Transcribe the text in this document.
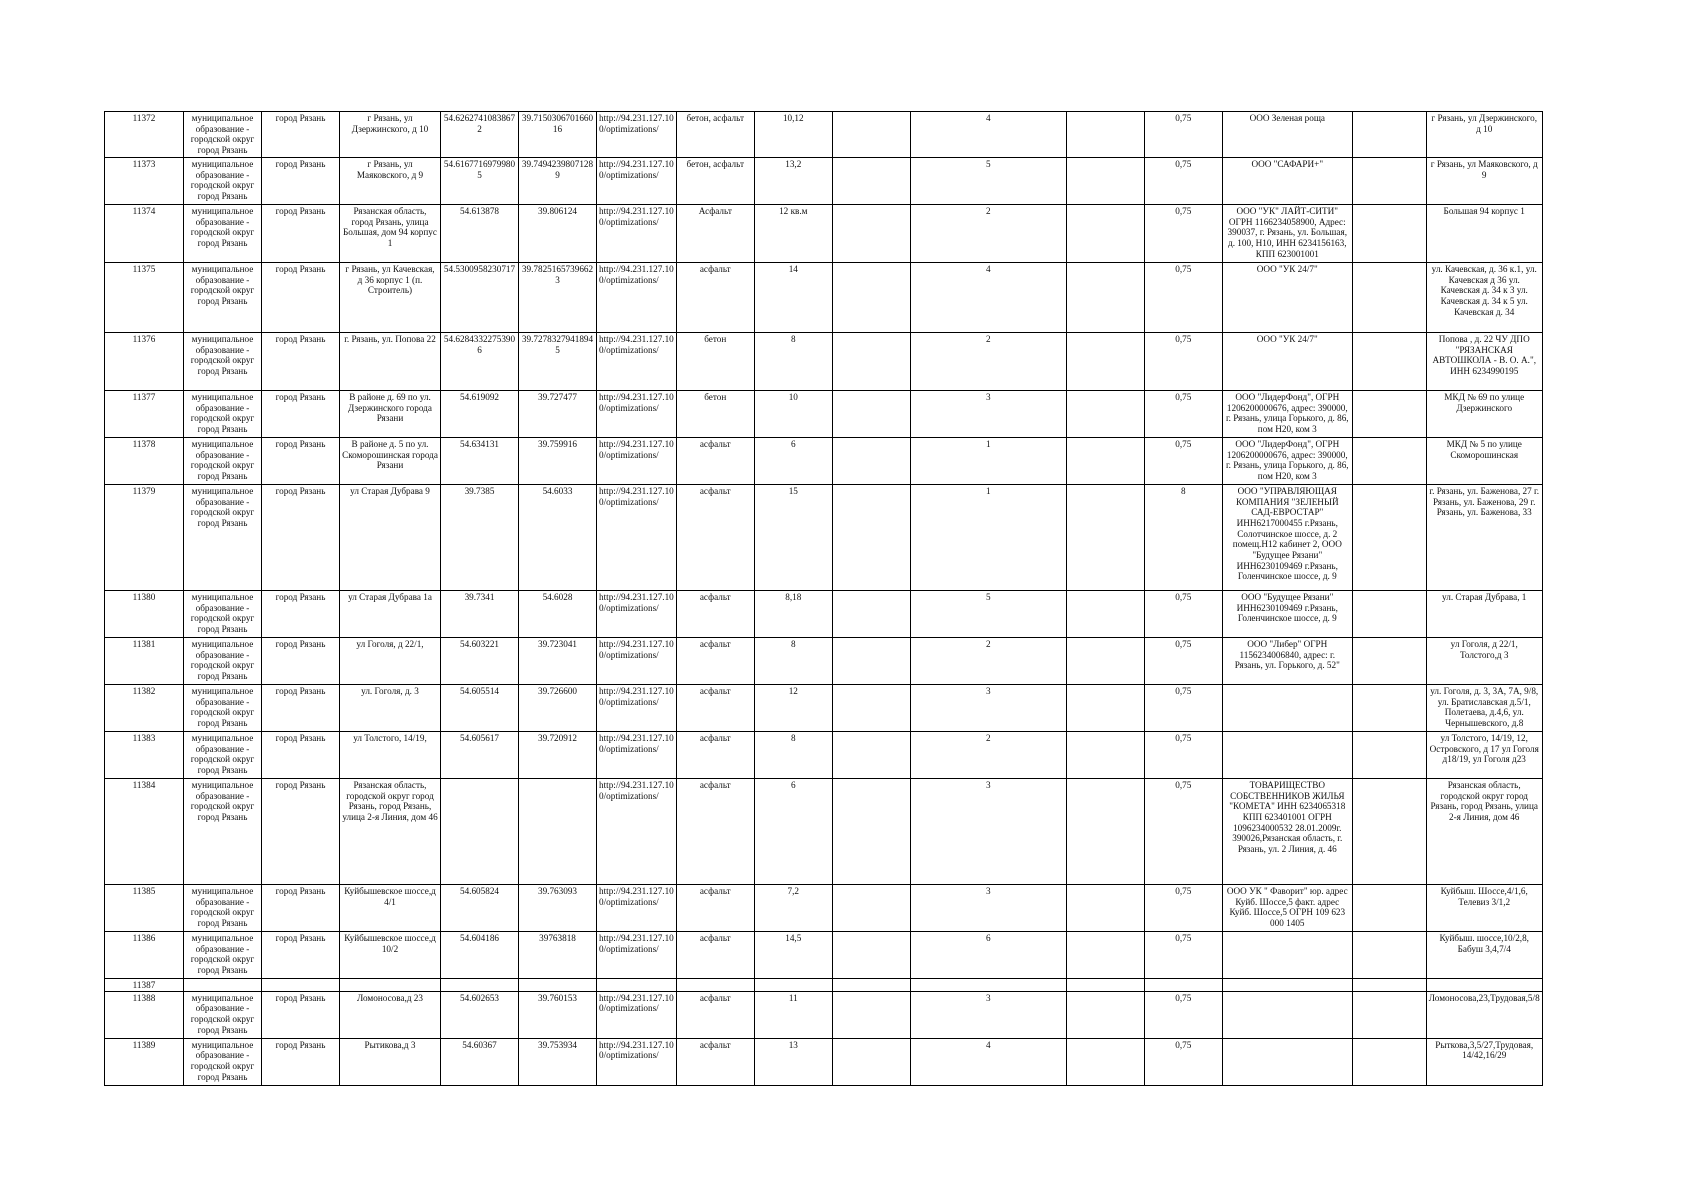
11372	муниципальное образование - городской округ город Рязань	город Рязань	г Рязань, ул Дзержинского, д 10	54.6262741083867 2	39.7150306701660 16	http://94.231.127.10 0/optimizations/	бетон, асфальт	10,12		4		0,75	ООО Зеленая роща		г Рязань, ул Дзержинского, д 10
11373	муниципальное образование - городской округ город Рязань	город Рязань	г Рязань, ул Маяковского, д 9	54.6167716979980 5	39.7494239807128 9	http://94.231.127.10 0/optimizations/	бетон, асфальт	13,2		5		0,75	ООО "САФАРИ+"		г Рязань, ул Маяковского, д 9
11374	муниципальное образование - городской округ город Рязань	город Рязань	Рязанская область, город Рязань, улица Большая, дом 94 корпус 1	54.613878	39.806124	http://94.231.127.10 0/optimizations/	Асфальт	12 кв.м		2		0,75	ООО "УК" ЛАЙТ-СИТИ" ОГРН 1166234058900, Адрес: 390037, г. Рязань, ул. Большая, д. 100, Н10, ИНН 6234156163, КПП 623001001		Большая 94 корпус 1
11375	муниципальное образование - городской округ город Рязань	город Рязань	г Рязань, ул Качевская, д 36 корпус 1 (п. Строитель)	54.5300958230717	39.7825165739662 3	http://94.231.127.10 0/optimizations/	асфальт	14		4		0,75	ООО "УК 24/7"		ул. Качевская, д. 36 к.1, ул. Качевская д 36 ул. Качевская д. 34 к 3 ул. Качевская д. 34 к 5 ул. Качевская д. 34
11376	муниципальное образование - городской округ город Рязань	город Рязань	г. Рязань, ул. Попова 22	54.6284332275390 6	39.7278327941894 5	http://94.231.127.10 0/optimizations/	бетон	8		2		0,75	ООО "УК 24/7"		Попова , д. 22 ЧУ ДПО "РЯЗАНСКАЯ АВТОШКОЛА - В. О. А.", ИНН 6234990195
11377	муниципальное образование - городской округ город Рязань	город Рязань	В районе д. 69 по ул. Дзержинского города Рязани	54.619092	39.727477	http://94.231.127.10 0/optimizations/	бетон	10		3		0,75	ООО "ЛидерФонд", ОГРН 1206200000676, адрес: 390000, г. Рязань, улица Горького, д. 86, пом Н20, ком 3		МКД № 69 по улице Дзержинского
11378	муниципальное образование - городской округ город Рязань	город Рязань	В районе д. 5 по ул. Скоморошинская города Рязани	54.634131	39.759916	http://94.231.127.10 0/optimizations/	асфальт	6		1		0,75	ООО "ЛидерФонд", ОГРН 1206200000676, адрес: 390000, г. Рязань, улица Горького, д. 86, пом Н20, ком 3		МКД № 5 по улице Скоморошинская
11379	муниципальное образование - городской округ город Рязань	город Рязань	ул Старая Дубрава 9	39.7385	54.6033	http://94.231.127.10 0/optimizations/	асфальт	15		1		8	ООО "УПРАВЛЯЮЩАЯ КОМПАНИЯ "ЗЕЛЕНЫЙ САД-ЕВРОСТАР" ИНН6217000455 г.Рязань, Солотчинское шоссе, д. 2 помещ.Н12 кабинет 2, ООО "Будущее Рязани" ИНН6230109469 г.Рязань, Голенчинское шоссе, д. 9		г. Рязань, ул. Баженова, 27 г. Рязань, ул. Баженова, 29 г. Рязань, ул. Баженова, 33
11380	муниципальное образование - городской округ город Рязань	город Рязань	ул Старая Дубрава 1а	39.7341	54.6028	http://94.231.127.10 0/optimizations/	асфальт	8,18		5		0,75	ООО "Будущее Рязани" ИНН6230109469 г.Рязань, Голенчинское шоссе, д. 9		ул. Старая Дубрава, 1
11381	муниципальное образование - городской округ город Рязань	город Рязань	ул Гоголя, д 22/1,	54.603221	39.723041	http://94.231.127.10 0/optimizations/	асфальт	8		2		0,75	ООО "Либер" ОГРН 1156234006840, адрес: г. Рязань, ул. Горького, д. 52"		ул Гоголя, д 22/1, Толстого,д 3
11382	муниципальное образование - городской округ город Рязань	город Рязань	ул. Гоголя, д. 3	54.605514	39.726600	http://94.231.127.10 0/optimizations/	асфальт	12		3		0,75			ул. Гоголя, д. 3, 3А, 7А, 9/8, ул. Братиславская д.5/1, Полетаева, д.4,6, ул. Чернышевского, д.8
11383	муниципальное образование - городской округ город Рязань	город Рязань	ул Толстого, 14/19,	54.605617	39.720912	http://94.231.127.10 0/optimizations/	асфальт	8		2		0,75			ул Толстого, 14/19, 12, Островского, д 17 ул Гоголя д18/19, ул Гоголя д23
11384	муниципальное образование - городской округ город Рязань	город Рязань	Рязанская область, городской округ город Рязань, город Рязань, улица 2-я Линия, дом 46			http://94.231.127.10 0/optimizations/	асфальт	6		3		0,75	ТОВАРИЩЕСТВО СОБСТВЕННИКОВ ЖИЛЬЯ "КОМЕТА" ИНН 6234065318 КПП 623401001 ОГРН 1096234000532 28.01.2009г. 390026,Рязанская область, г. Рязань, ул. 2 Линия, д. 46		Рязанская область, городской округ город Рязань, город Рязань, улица 2-я Линия, дом 46
11385	муниципальное образование - городской округ город Рязань	город Рязань	Куйбышевское шоссе,д 4/1	54.605824	39.763093	http://94.231.127.10 0/optimizations/	асфальт	7,2		3		0,75	ООО УК " Фаворит" юр. адрес Куйб. Шоссе,5 факт. адрес Куйб. Шоссе,5 ОГРН 109 623 000 1405		Куйбыш. Шоссе,4/1,6, Телевиз 3/1,2
11386	муниципальное образование - городской округ город Рязань	город Рязань	Куйбышевское шоссе,д 10/2	54.604186	39763818	http://94.231.127.10 0/optimizations/	асфальт	14,5		6		0,75			Куйбыш. шоссе,10/2,8, Бабуш 3,4,7/4
11387															
11388	муниципальное образование - городской округ город Рязань	город Рязань	Ломоносова,д 23	54.602653	39.760153	http://94.231.127.10 0/optimizations/	асфальт	11		3		0,75			Ломоносова,23,Трудовая,5/8
11389	муниципальное образование - городской округ город Рязань	город Рязань	Рытикова,д 3	54.60367	39.753934	http://94.231.127.10 0/optimizations/	асфальт	13		4		0,75			Рыткова,3,5/27,Трудовая, 14/42,16/29
